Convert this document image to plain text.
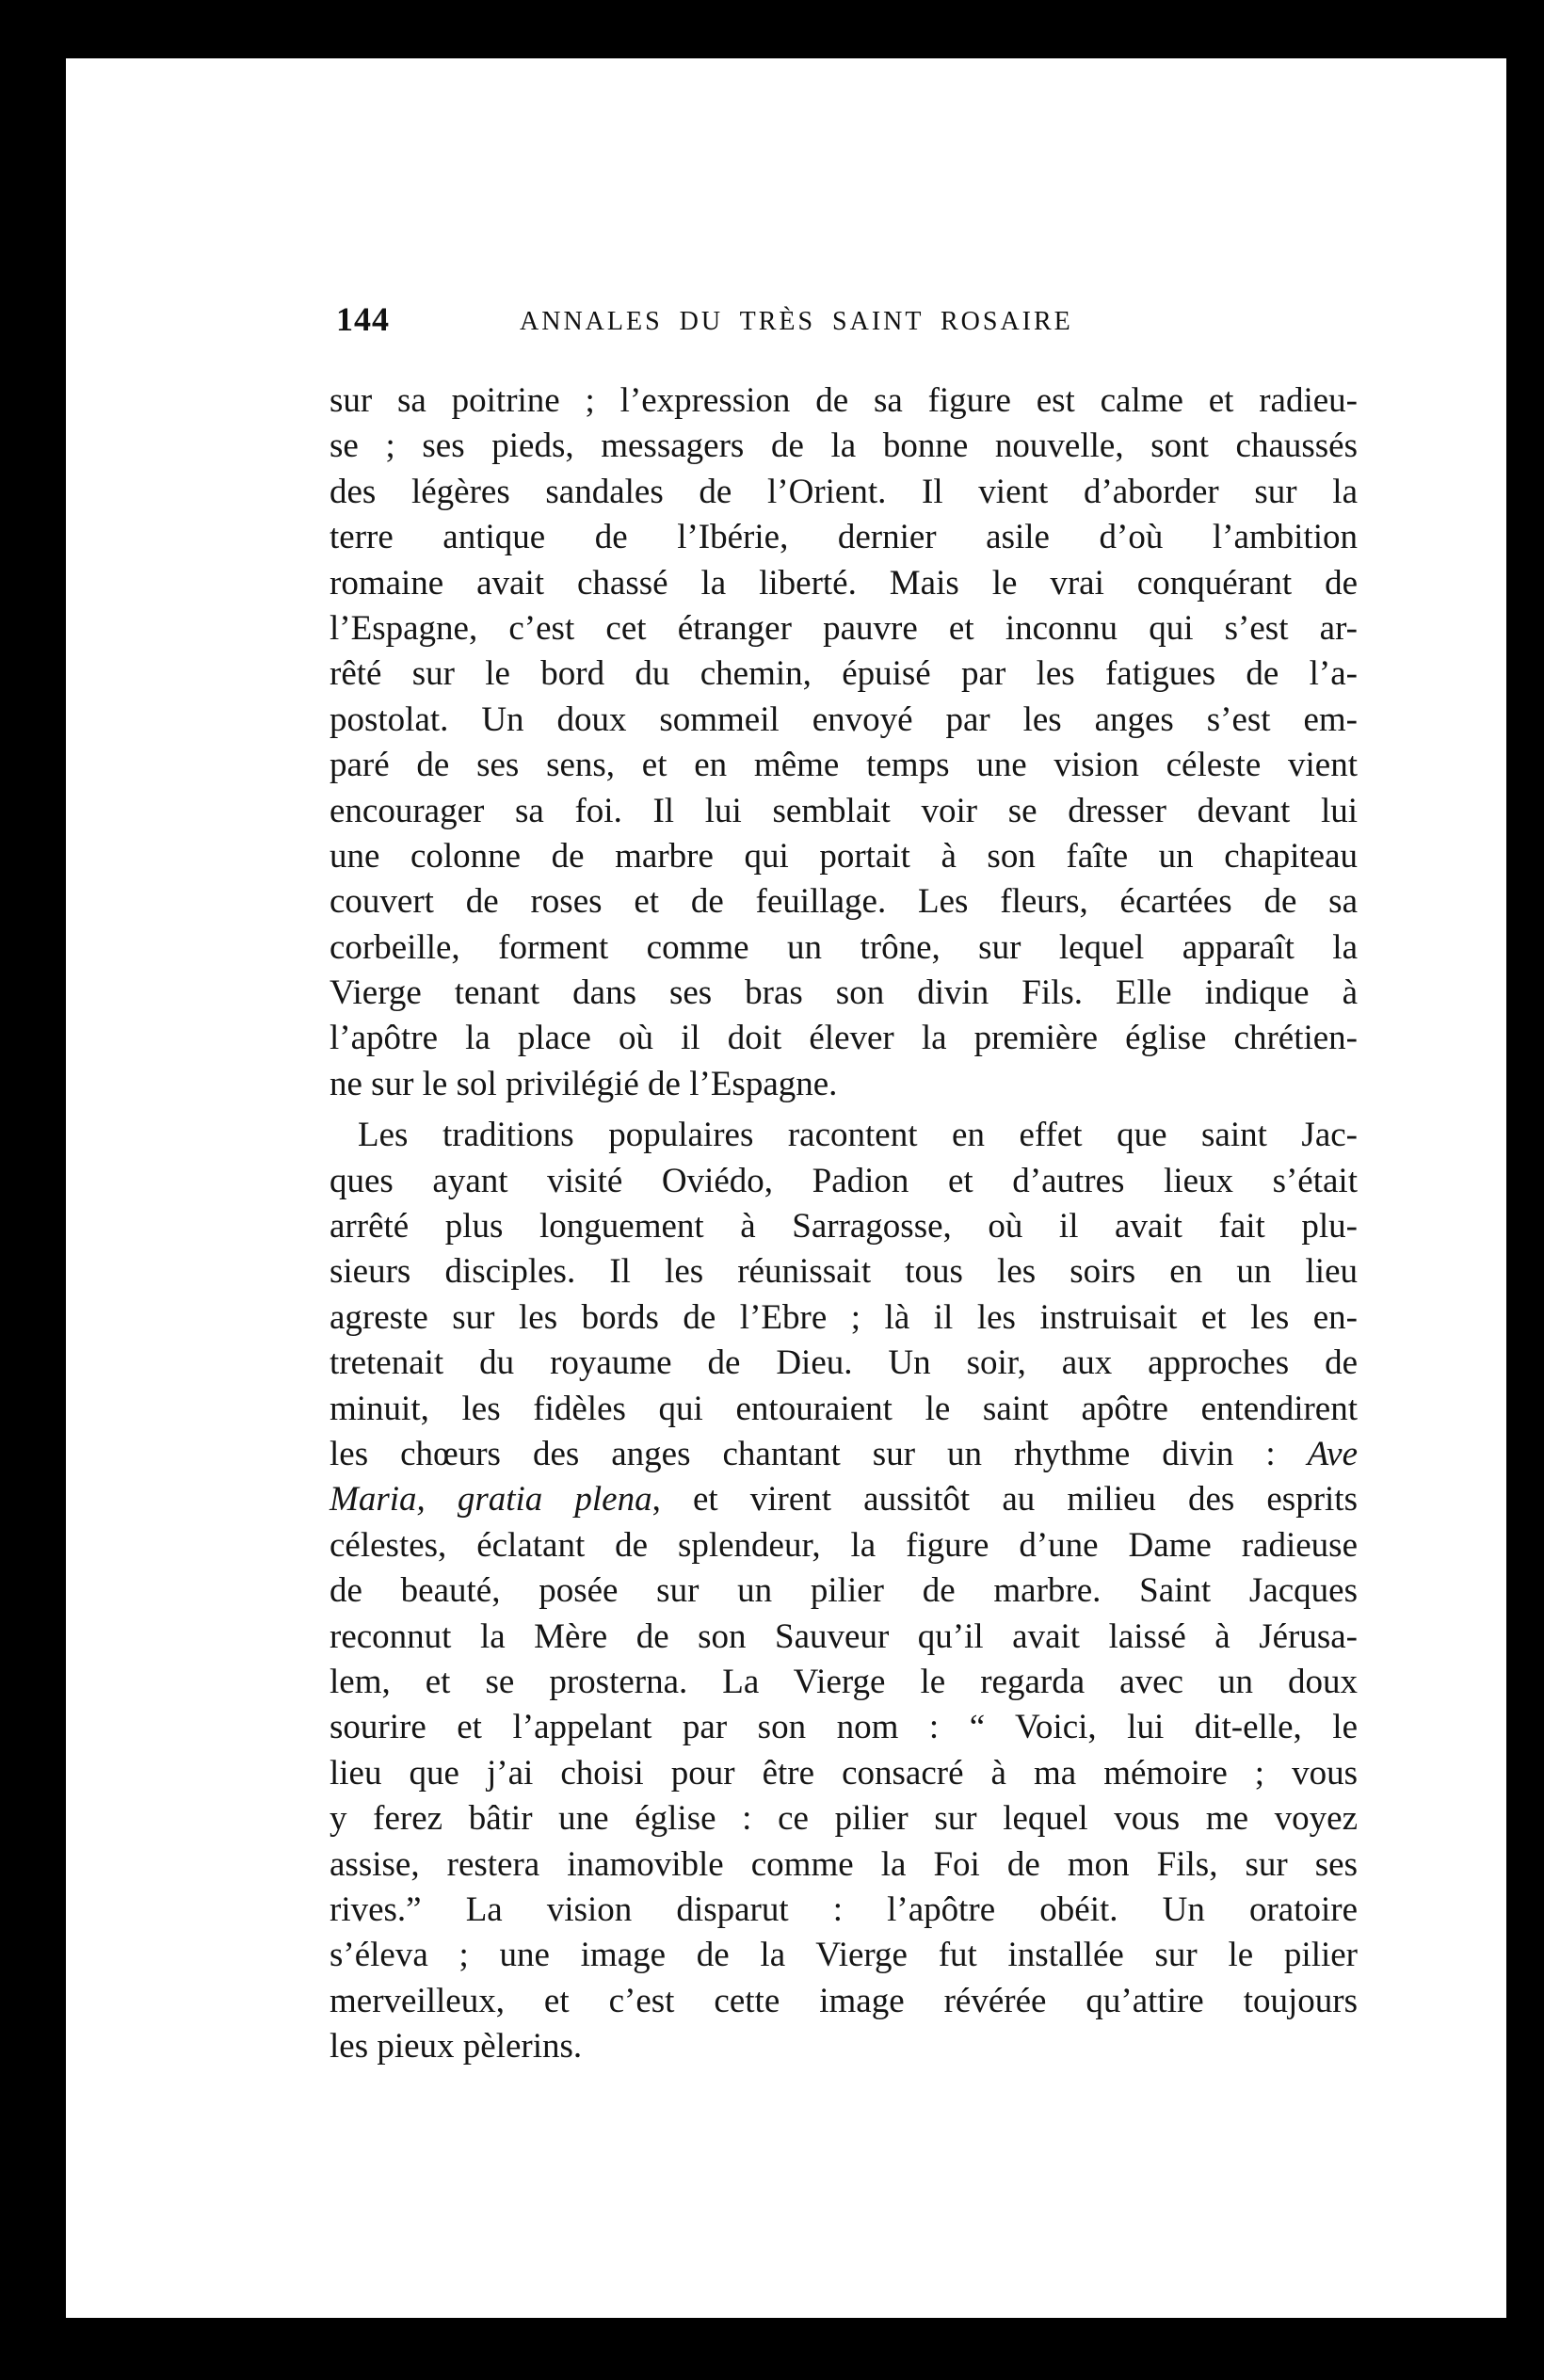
144	ANNALES DU TRÈS SAINT ROSAIRE
sur sa poitrine ; l’expression de sa figure est calme et radieu-
se ; ses pieds, messagers de la bonne nouvelle, sont chaussés
des légères sandales de l’Orient. Il vient d’aborder sur la
terre antique de l’Ibérie, dernier asile d’où l’ambition
romaine avait chassé la liberté. Mais le vrai conquérant de
l’Espagne, c’est cet étranger pauvre et inconnu qui s’est ar-
rêté sur le bord du chemin, épuisé par les fatigues de l’a-
postolat. Un doux sommeil envoyé par les anges s’est em-
paré de ses sens, et en même temps une vision céleste vient
encourager sa foi. Il lui semblait voir se dresser devant lui
une colonne de marbre qui portait à son faîte un chapiteau
couvert de roses et de feuillage. Les fleurs, écartées de sa
corbeille, forment comme un trône, sur lequel apparaît la
Vierge tenant dans ses bras son divin Fils. Elle indique à
l’apôtre la place où il doit élever la première église chrétien-
ne sur le sol privilégié de l’Espagne.
Les traditions populaires racontent en effet que saint Jac-
ques ayant visité Oviédo, Padion et d’autres lieux s’était
arrêté plus longuement à Sarragosse, où il avait fait plu-
sieurs disciples. Il les réunissait tous les soirs en un lieu
agreste sur les bords de l’Ebre ; là il les instruisait et les en-
tretenait du royaume de Dieu. Un soir, aux approches de
minuit, les fidèles qui entouraient le saint apôtre entendirent
les chœurs des anges chantant sur un rhythme divin : Ave
Maria, gratia plena, et virent aussitôt au milieu des esprits
célestes, éclatant de splendeur, la figure d’une Dame radieuse
de beauté, posée sur un pilier de marbre. Saint Jacques
reconnut la Mère de son Sauveur qu’il avait laissé à Jérusa-
lem, et se prosterna. La Vierge le regarda avec un doux
sourire et l’appelant par son nom : “ Voici, lui dit-elle, le
lieu que j’ai choisi pour être consacré à ma mémoire ; vous
y ferez bâtir une église : ce pilier sur lequel vous me voyez
assise, restera inamovible comme la Foi de mon Fils, sur ses
rives.” La vision disparut : l’apôtre obéit. Un oratoire
s’éleva ; une image de la Vierge fut installée sur le pilier
merveilleux, et c’est cette image révérée qu’attire toujours
les pieux pèlerins.
